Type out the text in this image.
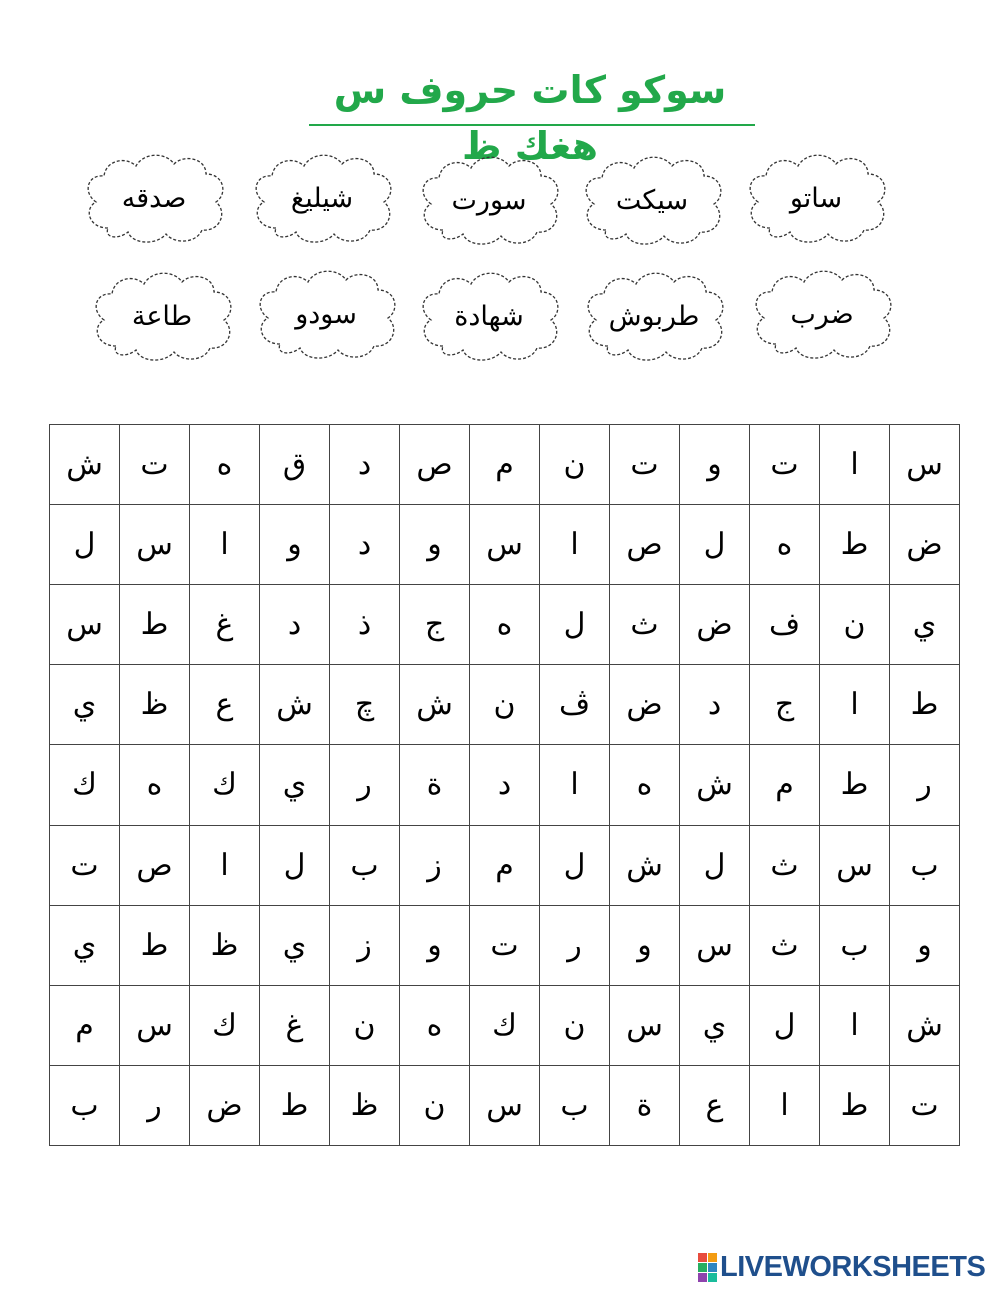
سوكو كات حروف س هغك ظ
ساتو
سيكت
سورت
شيليغ
صدقه
ضرب
طربوش
شهادة
سودو
طاعة
ش	ت	ه	ق	د	ص	م	ن	ت	و	ت	ا	س
ل	س	ا	و	د	و	س	ا	ص	ل	ه	ط	ض
س	ط	غ	د	ذ	ج	ه	ل	ث	ض	ف	ن	ي
ي	ظ	ع	ش	چ	ش	ن	ڤ	ض	د	ج	ا	ط
ك	ه	ك	ي	ر	ة	د	ا	ه	ش	م	ط	ر
ت	ص	ا	ل	ب	ز	م	ل	ش	ل	ث	س	ب
ي	ط	ظ	ي	ز	و	ت	ر	و	س	ث	ب	و
م	س	ك	غ	ن	ه	ك	ن	س	ي	ل	ا	ش
ب	ر	ض	ط	ظ	ن	س	ب	ة	ع	ا	ط	ت
LIVEWORKSHEETS
